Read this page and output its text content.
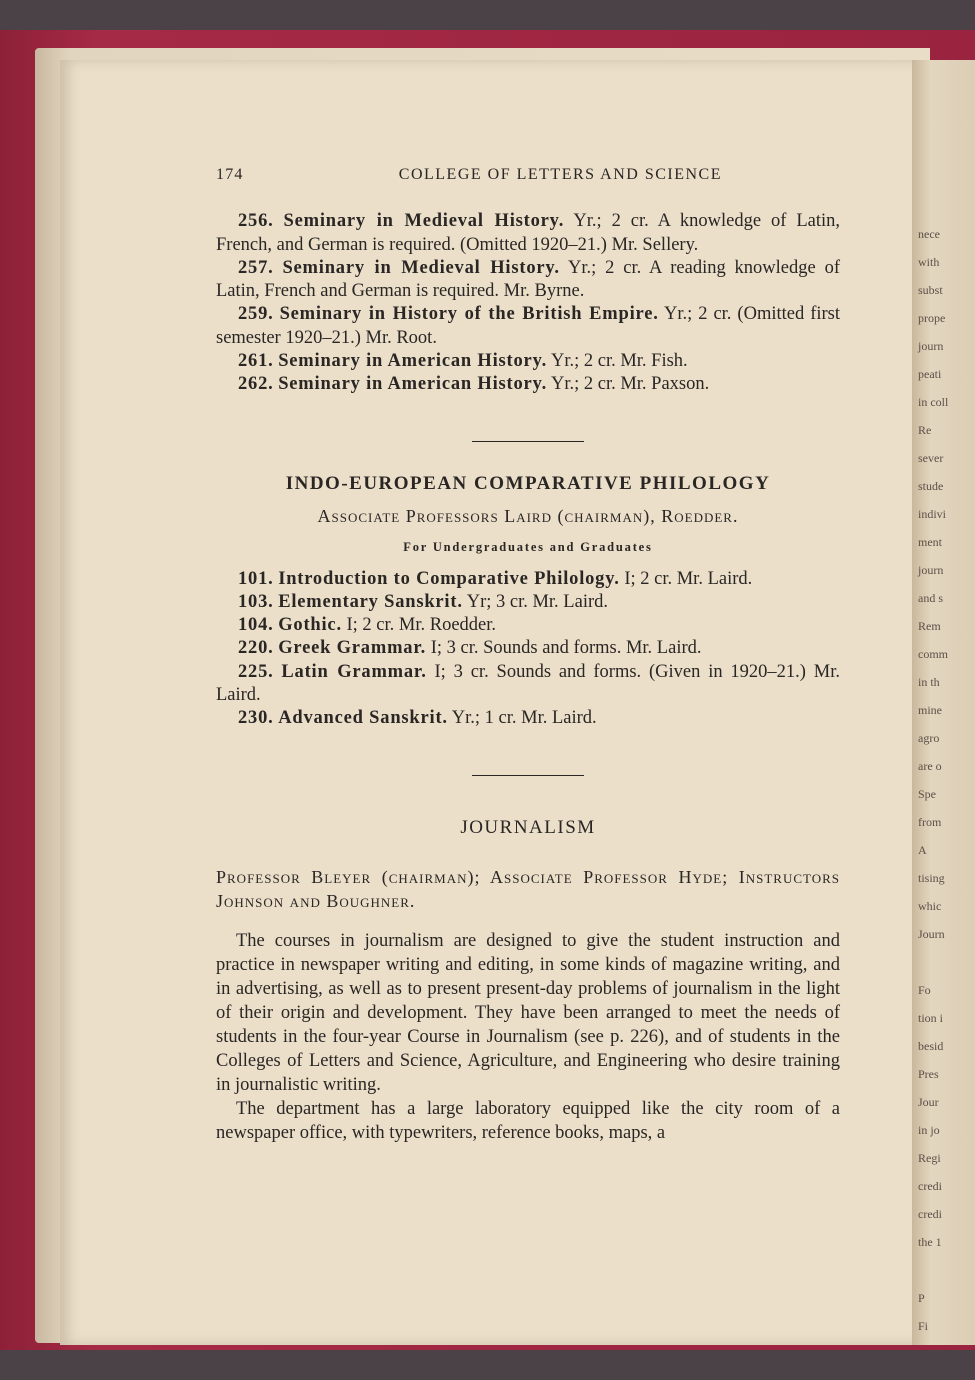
nece
with
subst
prope
journ
peati
in coll
Re
sever
stude
indivi
ment
journ
and s
Rem
comm
in th
mine
agro
are o
Spe
from
A
tising
whic
Journ

Fo
tion i
besid
Pres
Jour
in jo
Regi
credi
credi
the 1

P
Fi
174	COLLEGE OF LETTERS AND SCIENCE

256. Seminary in Medieval History. Yr.; 2 cr. A knowledge of Latin, French, and German is required. (Omitted 1920–21.) Mr. Sellery.

257. Seminary in Medieval History. Yr.; 2 cr. A reading knowledge of Latin, French and German is required. Mr. Byrne.

259. Seminary in History of the British Empire. Yr.; 2 cr. (Omitted first semester 1920–21.) Mr. Root.

261. Seminary in American History. Yr.; 2 cr. Mr. Fish.

262. Seminary in American History. Yr.; 2 cr. Mr. Paxson.

INDO-EUROPEAN COMPARATIVE PHILOLOGY
Associate Professors Laird (chairman), Roedder.
For Undergraduates and Graduates

101. Introduction to Comparative Philology. I; 2 cr. Mr. Laird.

103. Elementary Sanskrit. Yr; 3 cr. Mr. Laird.

104. Gothic. I; 2 cr. Mr. Roedder.

220. Greek Grammar. I; 3 cr. Sounds and forms. Mr. Laird.

225. Latin Grammar. I; 3 cr. Sounds and forms. (Given in 1920–21.) Mr. Laird.

230. Advanced Sanskrit. Yr.; 1 cr. Mr. Laird.

JOURNALISM

Professor Bleyer (chairman); Associate Professor Hyde; Instructors Johnson and Boughner.

The courses in journalism are designed to give the student instruction and practice in newspaper writing and editing, in some kinds of magazine writing, and in advertising, as well as to present present-day problems of journalism in the light of their origin and development. They have been arranged to meet the needs of students in the four-year Course in Journalism (see p. 226), and of students in the Colleges of Letters and Science, Agriculture, and Engineering who desire training in journalistic writing.

The department has a large laboratory equipped like the city room of a newspaper office, with typewriters, reference books, maps, a
